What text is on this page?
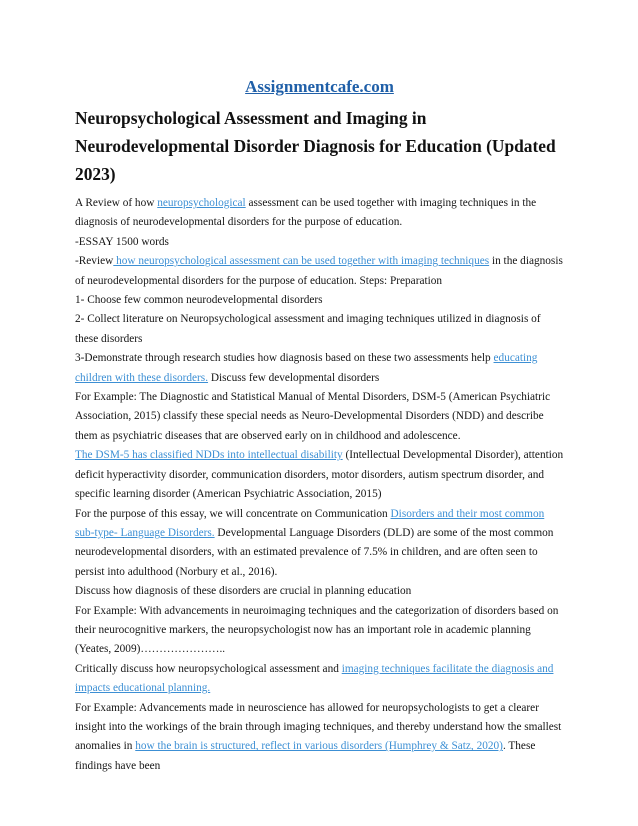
Assignmentcafe.com
Neuropsychological Assessment and Imaging in
Neurodevelopmental Disorder Diagnosis for Education (Updated
2023)

A Review of how neuropsychological assessment can be used together with imaging techniques in the diagnosis of neurodevelopmental disorders for the purpose of education.

-ESSAY 1500 words

-Review how neuropsychological assessment can be used together with imaging techniques in the diagnosis of neurodevelopmental disorders for the purpose of education. Steps: Preparation

1- Choose few common neurodevelopmental disorders

2- Collect literature on Neuropsychological assessment and imaging techniques utilized in diagnosis of these disorders

3-Demonstrate through research studies how diagnosis based on these two assessments help educating children with these disorders. Discuss few developmental disorders

For Example: The Diagnostic and Statistical Manual of Mental Disorders, DSM-5 (American Psychiatric Association, 2015) classify these special needs as Neuro-Developmental Disorders (NDD) and describe them as psychiatric diseases that are observed early on in childhood and adolescence.

The DSM-5 has classified NDDs into intellectual disability (Intellectual Developmental Disorder), attention deficit hyperactivity disorder, communication disorders, motor disorders, autism spectrum disorder, and specific learning disorder (American Psychiatric Association, 2015)

For the purpose of this essay, we will concentrate on Communication Disorders and their most common sub-type- Language Disorders. Developmental Language Disorders (DLD) are some of the most common neurodevelopmental disorders, with an estimated prevalence of 7.5% in children, and are often seen to persist into adulthood (Norbury et al., 2016).

Discuss how diagnosis of these disorders are crucial in planning education

For Example: With advancements in neuroimaging techniques and the categorization of disorders based on their neurocognitive markers, the neuropsychologist now has an important role in academic planning (Yeates, 2009)…………………..

Critically discuss how neuropsychological assessment and imaging techniques facilitate the diagnosis and impacts educational planning.

For Example: Advancements made in neuroscience has allowed for neuropsychologists to get a clearer insight into the workings of the brain through imaging techniques, and thereby understand how the smallest anomalies in how the brain is structured, reflect in various disorders (Humphrey & Satz, 2020). These findings have been
